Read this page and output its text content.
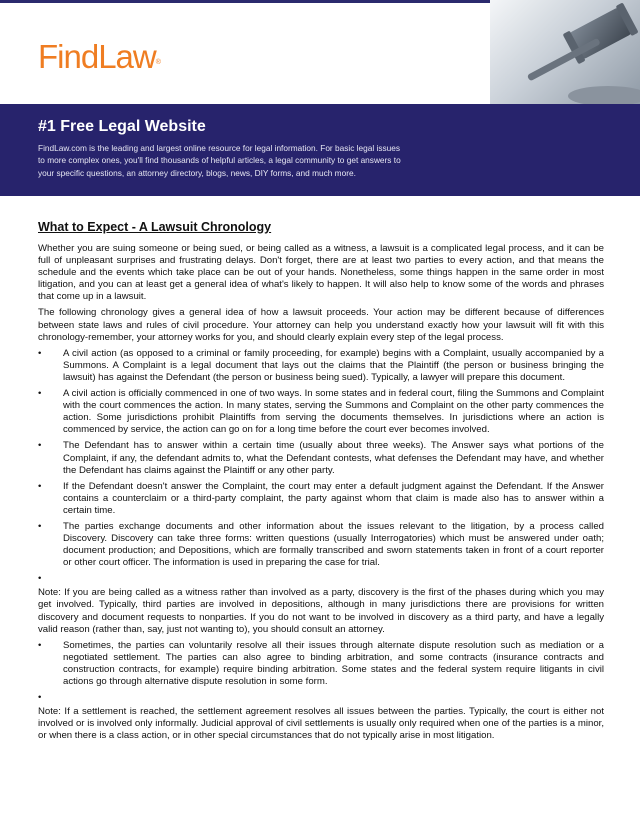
FindLaw®
#1 Free Legal Website
FindLaw.com is the leading and largest online resource for legal information. For basic legal issues
to more complex ones, you'll find thousands of helpful articles, a legal community to get answers to
your specific questions, an attorney directory, blogs, news, DIY forms, and much more.
What to Expect - A Lawsuit Chronology

Whether you are suing someone or being sued, or being called as a witness, a lawsuit is a complicated legal process, and it can be full of unpleasant surprises and frustrating delays. Don't forget, there are at least two parties to every action, and that means the schedule and the events which take place can be out of your hands. Nonetheless, some things happen in the same order in most litigation, and you can at least get a general idea of what's likely to happen. It will also help to know some of the words and phrases that come up in a lawsuit.

The following chronology gives a general idea of how a lawsuit proceeds. Your action may be different because of differences between state laws and rules of civil procedure. Your attorney can help you understand exactly how your lawsuit will fit with this chronology-remember, your attorney works for you, and should clearly explain every step of the legal process.

• A civil action (as opposed to a criminal or family proceeding, for example) begins with a Complaint, usually accompanied by a Summons. A Complaint is a legal document that lays out the claims that the Plaintiff (the person or business bringing the lawsuit) has against the Defendant (the person or business being sued). Typically, a lawyer will prepare this document.
• A civil action is officially commenced in one of two ways. In some states and in federal court, filing the Summons and Complaint with the court commences the action. In many states, serving the Summons and Complaint on the other party commences the action. Some jurisdictions prohibit Plaintiffs from serving the documents themselves. In jurisdictions where an action is commenced by service, the action can go on for a long time before the court ever becomes involved.
• The Defendant has to answer within a certain time (usually about three weeks). The Answer says what portions of the Complaint, if any, the defendant admits to, what the Defendant contests, what defenses the Defendant may have, and whether the Defendant has claims against the Plaintiff or any other party.
• If the Defendant doesn't answer the Complaint, the court may enter a default judgment against the Defendant. If the Answer contains a counterclaim or a third-party complaint, the party against whom that claim is made also has to answer within a certain time.
• The parties exchange documents and other information about the issues relevant to the litigation, by a process called Discovery. Discovery can take three forms: written questions (usually Interrogatories) which must be answered under oath; document production; and Depositions, which are formally transcribed and sworn statements taken in front of a court reporter or other court officer. The information is used in preparing the case for trial.
•

Note: If you are being called as a witness rather than involved as a party, discovery is the first of the phases during which you may get involved. Typically, third parties are involved in depositions, although in many jurisdictions there are provisions for written discovery and document requests to nonparties. If you do not want to be involved in discovery as a third party, and have a legally valid reason (rather than, say, just not wanting to), you should consult an attorney.

• Sometimes, the parties can voluntarily resolve all their issues through alternate dispute resolution such as mediation or a negotiated settlement. The parties can also agree to binding arbitration, and some contracts (insurance contracts and construction contracts, for example) require binding arbitration. Some states and the federal system require litigants in civil actions go through alternative dispute resolution in some form.
•

Note: If a settlement is reached, the settlement agreement resolves all issues between the parties. Typically, the court is either not involved or is involved only informally. Judicial approval of civil settlements is usually only required when one of the parties is a minor, or when there is a class action, or in other special circumstances that do not typically arise in most litigation.
